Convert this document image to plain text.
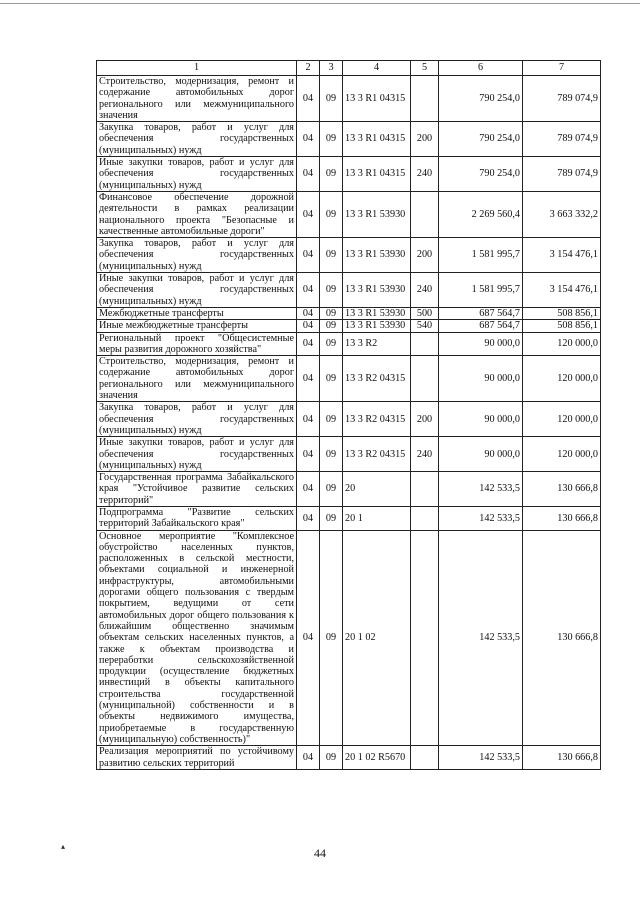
1	2	3	4	5	6	7
Строительство, модернизация, ремонт и содержание автомобильных дорог регионального или межмуниципального значения	04	09	13 3 R1 04315		790 254,0	789 074,9
Закупка товаров, работ и услуг для обеспечения государственных (муниципальных) нужд	04	09	13 3 R1 04315	200	790 254,0	789 074,9
Иные закупки товаров, работ и услуг для обеспечения государственных (муниципальных) нужд	04	09	13 3 R1 04315	240	790 254,0	789 074,9
Финансовое обеспечение дорожной деятельности в рамках реализации национального проекта "Безопасные и качественные автомобильные дороги"	04	09	13 3 R1 53930		2 269 560,4	3 663 332,2
Закупка товаров, работ и услуг для обеспечения государственных (муниципальных) нужд	04	09	13 3 R1 53930	200	1 581 995,7	3 154 476,1
Иные закупки товаров, работ и услуг для обеспечения государственных (муниципальных) нужд	04	09	13 3 R1 53930	240	1 581 995,7	3 154 476,1
Межбюджетные трансферты	04	09	13 3 R1 53930	500	687 564,7	508 856,1
Иные межбюджетные трансферты	04	09	13 3 R1 53930	540	687 564,7	508 856,1
Региональный проект "Общесистемные меры развития дорожного хозяйства"	04	09	13 3 R2		90 000,0	120 000,0
Строительство, модернизация, ремонт и содержание автомобильных дорог регионального или межмуниципального значения	04	09	13 3 R2 04315		90 000,0	120 000,0
Закупка товаров, работ и услуг для обеспечения государственных (муниципальных) нужд	04	09	13 3 R2 04315	200	90 000,0	120 000,0
Иные закупки товаров, работ и услуг для обеспечения государственных (муниципальных) нужд	04	09	13 3 R2 04315	240	90 000,0	120 000,0
Государственная программа Забайкальского края "Устойчивое развитие сельских территорий"	04	09	20		142 533,5	130 666,8
Подпрограмма "Развитие сельских территорий Забайкальского края"	04	09	20 1		142 533,5	130 666,8
Основное мероприятие "Комплексное обустройство населенных пунктов, расположенных в сельской местности, объектами социальной и инженерной инфраструктуры, автомобильными дорогами общего пользования с твердым покрытием, ведущими от сети автомобильных дорог общего пользования к ближайшим общественно значимым объектам сельских населенных пунктов, а также к объектам производства и переработки сельскохозяйственной продукции (осуществление бюджетных инвестиций в объекты капитального строительства государственной (муниципальной) собственности и в объекты недвижимого имущества, приобретаемые в государственную (муниципальную) собственность)"	04	09	20 1 02		142 533,5	130 666,8
Реализация мероприятий по устойчивому развитию сельских территорий	04	09	20 1 02 R5670		142 533,5	130 666,8
▴	44
